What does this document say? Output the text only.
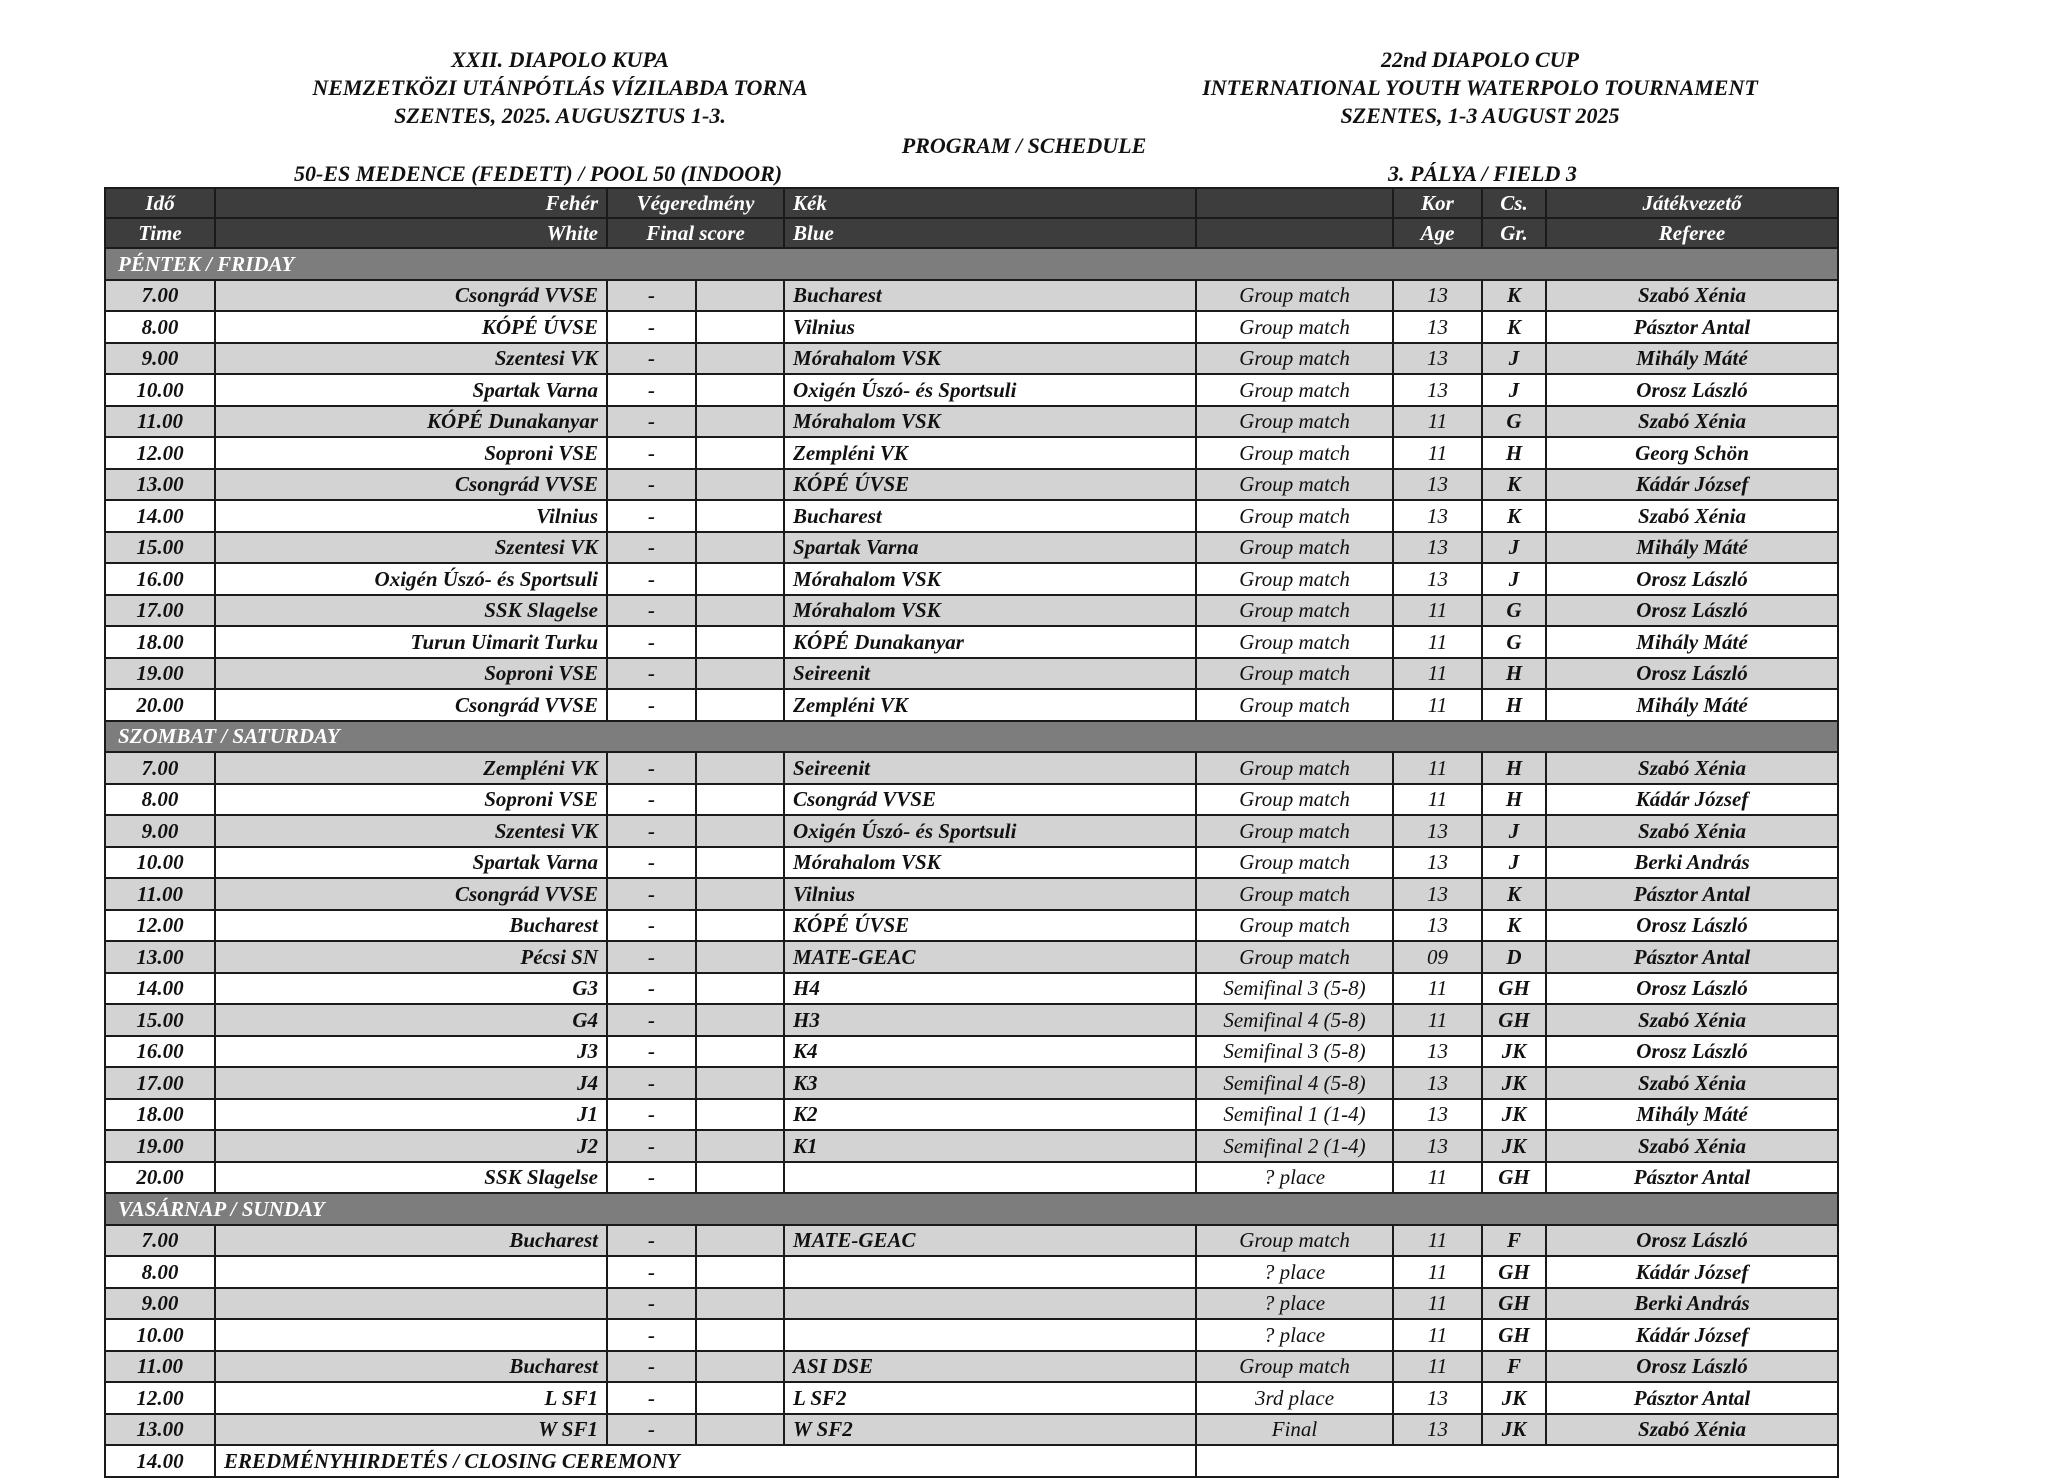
XXII. DIAPOLO KUPA
NEMZETKÖZI UTÁNPÓTLÁS VÍZILABDA TORNA
SZENTES, 2025. AUGUSZTUS 1-3.
22nd DIAPOLO CUP
INTERNATIONAL YOUTH WATERPOLO TOURNAMENT
SZENTES, 1-3 AUGUST 2025
PROGRAM / SCHEDULE
50-ES MEDENCE (FEDETT) / POOL 50 (INDOOR)	3. PÁLYA / FIELD 3
Idő	Fehér	Végeredmény		Kék		Kor	Cs.	Játékvezető
Time	White	Final score		Blue		Age	Gr.	Referee
PÉNTEK / FRIDAY								
7.00	Csongrád VVSE	-		Bucharest	Group match	13	K	Szabó Xénia
8.00	KÓPÉ ÚVSE	-		Vilnius	Group match	13	K	Pásztor Antal
9.00	Szentesi VK	-		Mórahalom VSK	Group match	13	J	Mihály Máté
10.00	Spartak Varna	-		Oxigén Úszó- és Sportsuli	Group match	13	J	Orosz László
11.00	KÓPÉ Dunakanyar	-		Mórahalom VSK	Group match	11	G	Szabó Xénia
12.00	Soproni VSE	-		Zempléni VK	Group match	11	H	Georg Schön
13.00	Csongrád VVSE	-		KÓPÉ ÚVSE	Group match	13	K	Kádár József
14.00	Vilnius	-		Bucharest	Group match	13	K	Szabó Xénia
15.00	Szentesi VK	-		Spartak Varna	Group match	13	J	Mihály Máté
16.00	Oxigén Úszó- és Sportsuli	-		Mórahalom VSK	Group match	13	J	Orosz László
17.00	SSK Slagelse	-		Mórahalom VSK	Group match	11	G	Orosz László
18.00	Turun Uimarit Turku	-		KÓPÉ Dunakanyar	Group match	11	G	Mihály Máté
19.00	Soproni VSE	-		Seireenit	Group match	11	H	Orosz László
20.00	Csongrád VVSE	-		Zempléni VK	Group match	11	H	Mihály Máté
SZOMBAT / SATURDAY								
7.00	Zempléni VK	-		Seireenit	Group match	11	H	Szabó Xénia
8.00	Soproni VSE	-		Csongrád VVSE	Group match	11	H	Kádár József
9.00	Szentesi VK	-		Oxigén Úszó- és Sportsuli	Group match	13	J	Szabó Xénia
10.00	Spartak Varna	-		Mórahalom VSK	Group match	13	J	Berki András
11.00	Csongrád VVSE	-		Vilnius	Group match	13	K	Pásztor Antal
12.00	Bucharest	-		KÓPÉ ÚVSE	Group match	13	K	Orosz László
13.00	Pécsi SN	-		MATE-GEAC	Group match	09	D	Pásztor Antal
14.00	G3	-		H4	Semifinal 3 (5-8)	11	GH	Orosz László
15.00	G4	-		H3	Semifinal 4 (5-8)	11	GH	Szabó Xénia
16.00	J3	-		K4	Semifinal 3 (5-8)	13	JK	Orosz László
17.00	J4	-		K3	Semifinal 4 (5-8)	13	JK	Szabó Xénia
18.00	J1	-		K2	Semifinal 1 (1-4)	13	JK	Mihály Máté
19.00	J2	-		K1	Semifinal 2 (1-4)	13	JK	Szabó Xénia
20.00	SSK Slagelse	-			? place	11	GH	Pásztor Antal
VASÁRNAP / SUNDAY								
7.00	Bucharest	-		MATE-GEAC	Group match	11	F	Orosz László
8.00		-			? place	11	GH	Kádár József
9.00		-			? place	11	GH	Berki András
10.00		-			? place	11	GH	Kádár József
11.00	Bucharest	-		ASI DSE	Group match	11	F	Orosz László
12.00	L SF1	-		L SF2	3rd place	13	JK	Pásztor Antal
13.00	W SF1	-		W SF2	Final	13	JK	Szabó Xénia
14.00	EREDMÉNYHIRDETÉS / CLOSING CEREMONY							
